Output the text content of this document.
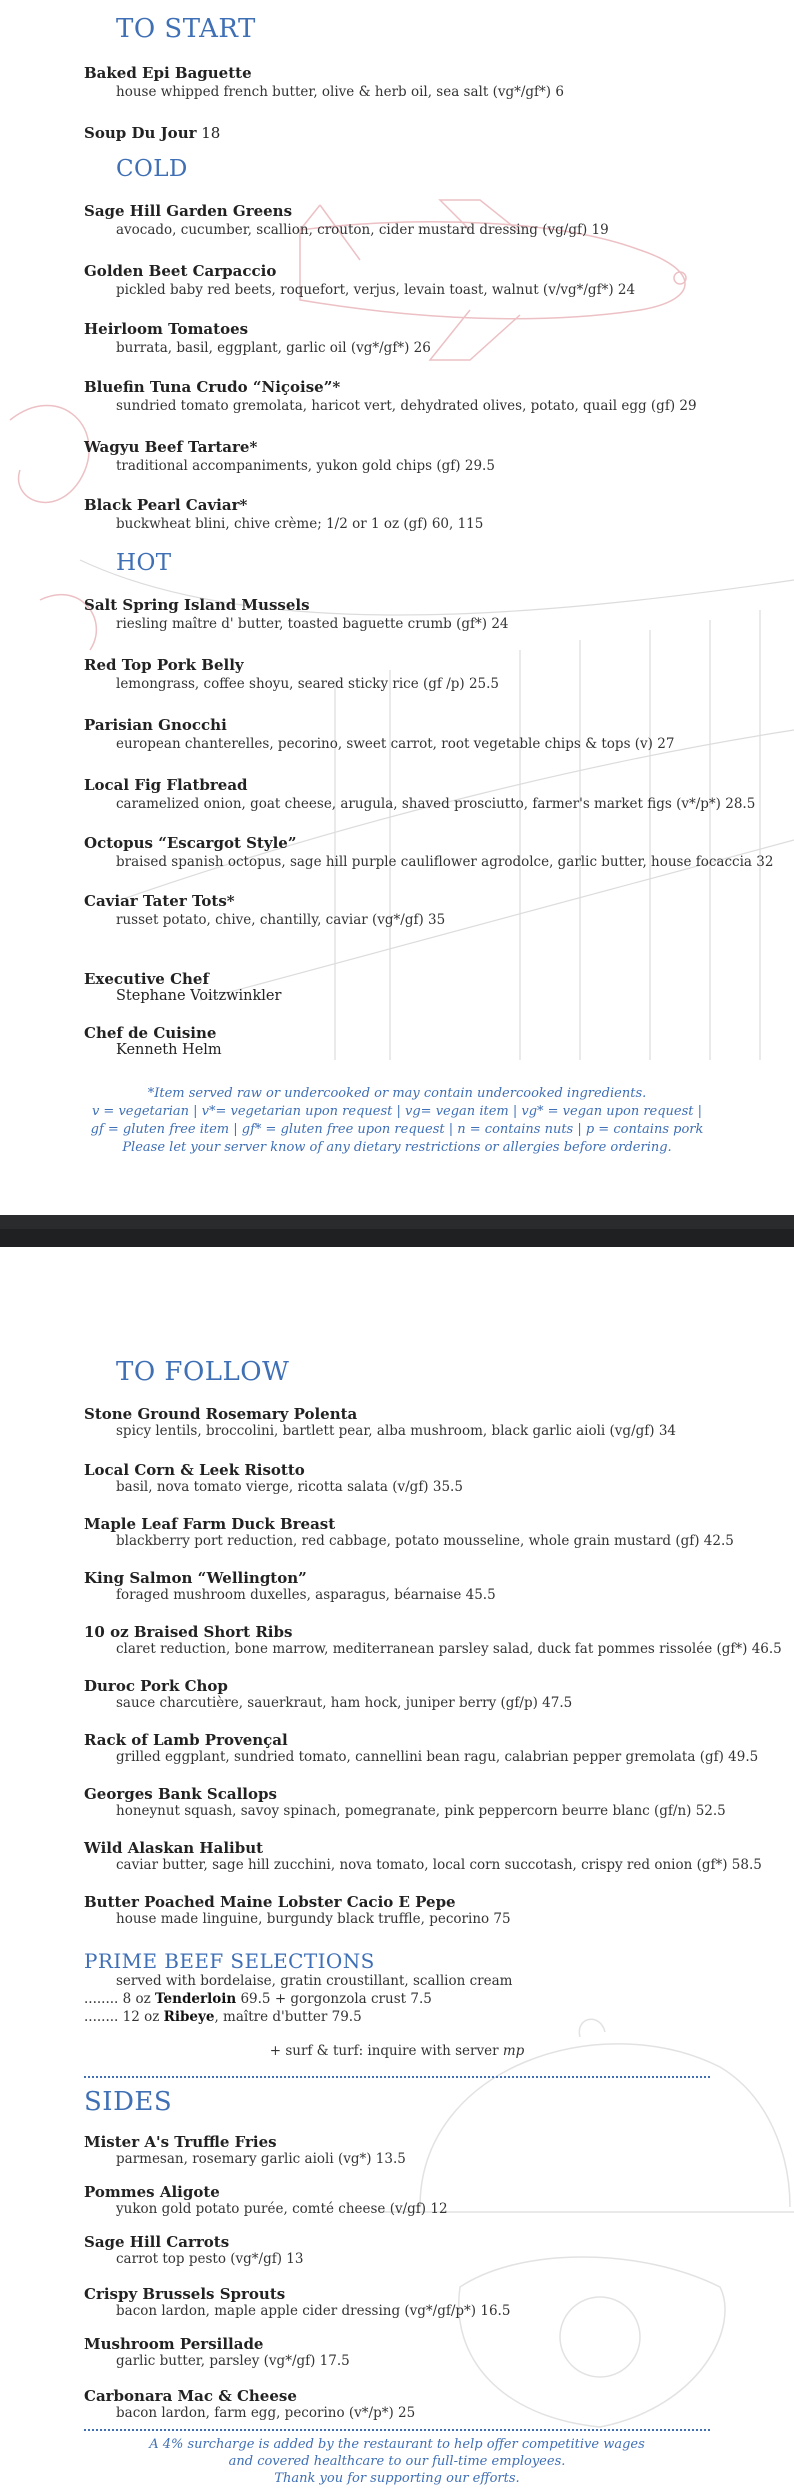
TO START
Baked Epi Baguette
house whipped french butter, olive & herb oil, sea salt (vg*/gf*) 6
Soup Du Jour 18
COLD
Sage Hill Garden Greens
avocado, cucumber, scallion, crouton, cider mustard dressing (vg/gf) 19
Golden Beet Carpaccio
pickled baby red beets, roquefort, verjus, levain toast, walnut (v/vg*/gf*) 24
Heirloom Tomatoes
burrata, basil, eggplant, garlic oil (vg*/gf*) 26
Bluefin Tuna Crudo “Niçoise”*
sundried tomato gremolata, haricot vert, dehydrated olives, potato, quail egg (gf) 29
Wagyu Beef Tartare*
traditional accompaniments, yukon gold chips (gf) 29.5
Black Pearl Caviar*
buckwheat blini, chive crème; 1/2 or 1 oz (gf) 60, 115
HOT
Salt Spring Island Mussels
riesling maître d' butter, toasted baguette crumb (gf*) 24
Red Top Pork Belly
lemongrass, coffee shoyu, seared sticky rice (gf /p) 25.5
Parisian Gnocchi
european chanterelles, pecorino, sweet carrot, root vegetable chips & tops (v) 27
Local Fig Flatbread
caramelized onion, goat cheese, arugula, shaved prosciutto, farmer's market figs (v*/p*) 28.5
Octopus “Escargot Style”
braised spanish octopus, sage hill purple cauliflower agrodolce, garlic butter, house focaccia 32
Caviar Tater Tots*
russet potato, chive, chantilly, caviar (vg*/gf) 35
Executive Chef
Stephane Voitzwinkler
Chef de Cuisine
Kenneth Helm
*Item served raw or undercooked or may contain undercooked ingredients.
v = vegetarian | v*= vegetarian upon request | vg= vegan item | vg* = vegan upon request |
gf = gluten free item | gf* = gluten free upon request | n = contains nuts | p = contains pork
Please let your server know of any dietary restrictions or allergies before ordering.
TO FOLLOW
Stone Ground Rosemary Polenta
spicy lentils, broccolini, bartlett pear, alba mushroom, black garlic aioli (vg/gf) 34
Local Corn & Leek Risotto
basil, nova tomato vierge, ricotta salata (v/gf) 35.5
Maple Leaf Farm Duck Breast
blackberry port reduction, red cabbage, potato mousseline, whole grain mustard (gf) 42.5
King Salmon “Wellington”
foraged mushroom duxelles, asparagus, béarnaise 45.5
10 oz Braised Short Ribs
claret reduction, bone marrow, mediterranean parsley salad, duck fat pommes rissolée (gf*) 46.5
Duroc Pork Chop
sauce charcutière, sauerkraut, ham hock, juniper berry (gf/p) 47.5
Rack of Lamb Provençal
grilled eggplant, sundried tomato, cannellini bean ragu, calabrian pepper gremolata (gf) 49.5
Georges Bank Scallops
honeynut squash, savoy spinach, pomegranate, pink peppercorn beurre blanc (gf/n) 52.5
Wild Alaskan Halibut
caviar butter, sage hill zucchini, nova tomato, local corn succotash, crispy red onion (gf*) 58.5
Butter Poached Maine Lobster Cacio E Pepe
house made linguine, burgundy black truffle, pecorino 75
PRIME BEEF SELECTIONS
served with bordelaise, gratin croustillant, scallion cream
........ 8 oz Tenderloin 69.5 + gorgonzola crust 7.5
........ 12 oz Ribeye, maître d'butter 79.5
+ surf & turf: inquire with server mp
SIDES
Mister A's Truffle Fries
parmesan, rosemary garlic aioli (vg*) 13.5
Pommes Aligote
yukon gold potato purée, comté cheese (v/gf) 12
Sage Hill Carrots
carrot top pesto (vg*/gf) 13
Crispy Brussels Sprouts
bacon lardon, maple apple cider dressing (vg*/gf/p*) 16.5
Mushroom Persillade
garlic butter, parsley (vg*/gf) 17.5
Carbonara Mac & Cheese
bacon lardon, farm egg, pecorino (v*/p*) 25
A 4% surcharge is added by the restaurant to help offer competitive wages
and covered healthcare to our full-time employees.
Thank you for supporting our efforts.
